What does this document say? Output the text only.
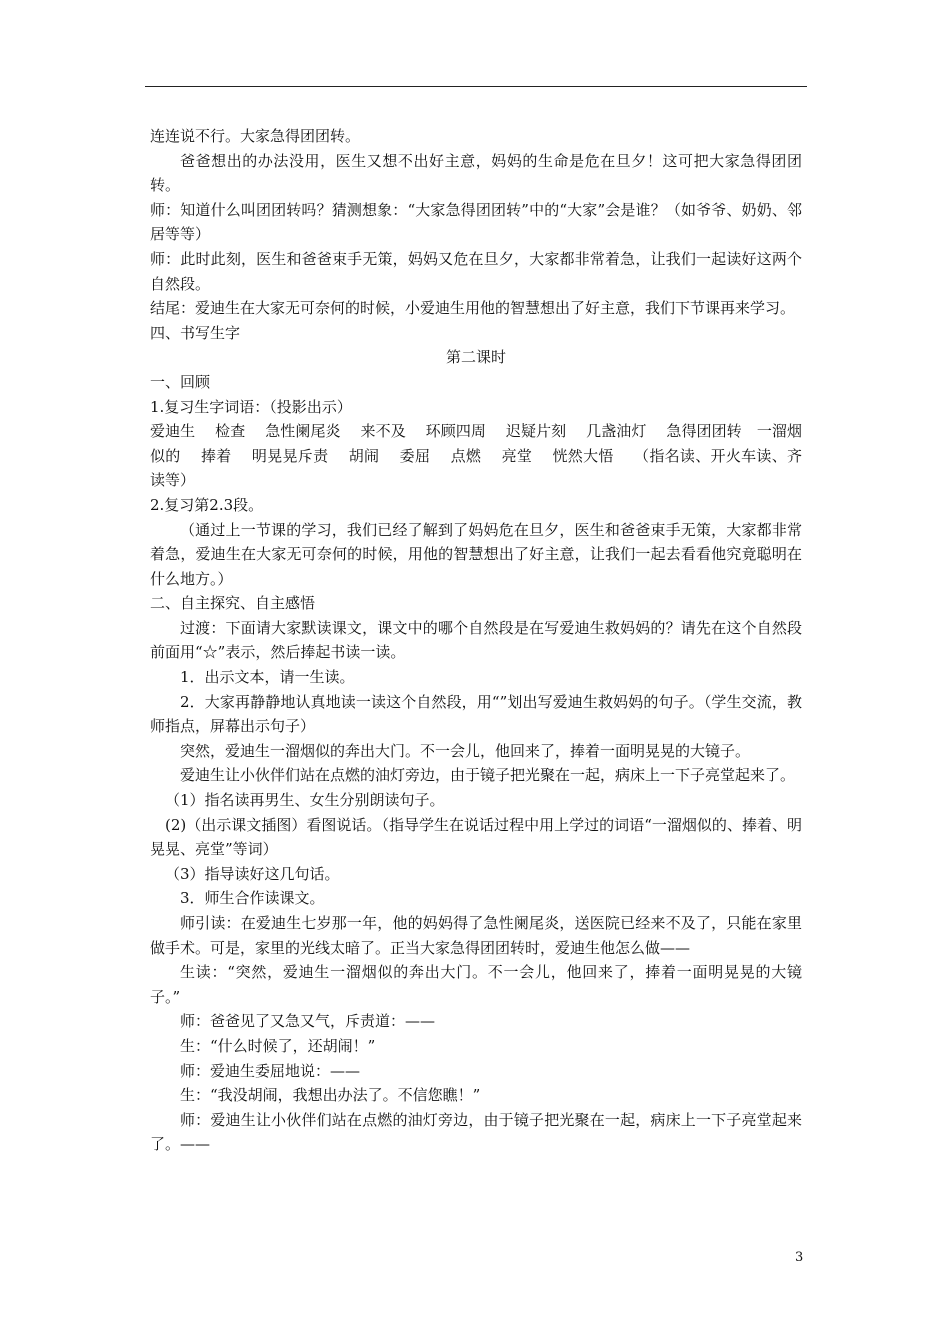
连连说不行。大家急得团团转。

爸爸想出的办法没用，医生又想不出好主意，妈妈的生命是危在旦夕！这可把大家急得团团转。

师：知道什么叫团团转吗？猜测想象：“大家急得团团转”中的“大家”会是谁？（如爷爷、奶奶、邻居等等）

师：此时此刻，医生和爸爸束手无策，妈妈又危在旦夕，大家都非常着急，让我们一起读好这两个自然段。

结尾：爱迪生在大家无可奈何的时候，小爱迪生用他的智慧想出了好主意，我们下节课再来学习。

四、书写生字

第二课时

一、回顾

1.复习生字词语：（投影出示）

爱迪生　 检查　 急性阑尾炎　 来不及　 环顾四周　 迟疑片刻　 几盏油灯　 急得团团转　一溜烟似的　 捧着　 明晃晃斥责　 胡闹　 委屈　 点燃　 亮堂　 恍然大悟　 （指名读、开火车读、齐读等）

2.复习第2.3段。

（通过上一节课的学习，我们已经了解到了妈妈危在旦夕，医生和爸爸束手无策，大家都非常着急，爱迪生在大家无可奈何的时候，用他的智慧想出了好主意，让我们一起去看看他究竟聪明在什么地方。）

二、自主探究、自主感悟

过渡：下面请大家默读课文，课文中的哪个自然段是在写爱迪生救妈妈的？请先在这个自然段前面用“☆”表示，然后捧起书读一读。

1．出示文本，请一生读。

2．大家再静静地认真地读一读这个自然段，用“”划出写爱迪生救妈妈的句子。（学生交流，教师指点，屏幕出示句子）

突然，爱迪生一溜烟似的奔出大门。不一会儿，他回来了，捧着一面明晃晃的大镜子。

爱迪生让小伙伴们站在点燃的油灯旁边，由于镜子把光聚在一起，病床上一下子亮堂起来了。

（1）指名读再男生、女生分别朗读句子。

(2)（出示课文插图）看图说话。（指导学生在说话过程中用上学过的词语“一溜烟似的、捧着、明晃晃、亮堂”等词）

（3）指导读好这几句话。

3．师生合作读课文。

师引读：在爱迪生七岁那一年，他的妈妈得了急性阑尾炎，送医院已经来不及了，只能在家里做手术。可是，家里的光线太暗了。正当大家急得团团转时，爱迪生他怎么做——

生读：“突然，爱迪生一溜烟似的奔出大门。不一会儿，他回来了，捧着一面明晃晃的大镜子。”

师：爸爸见了又急又气，斥责道：——

生：“什么时候了，还胡闹！”

师：爱迪生委屈地说：——

生：“我没胡闹，我想出办法了。不信您瞧！”

师：爱迪生让小伙伴们站在点燃的油灯旁边，由于镜子把光聚在一起，病床上一下子亮堂起来了。——

3
